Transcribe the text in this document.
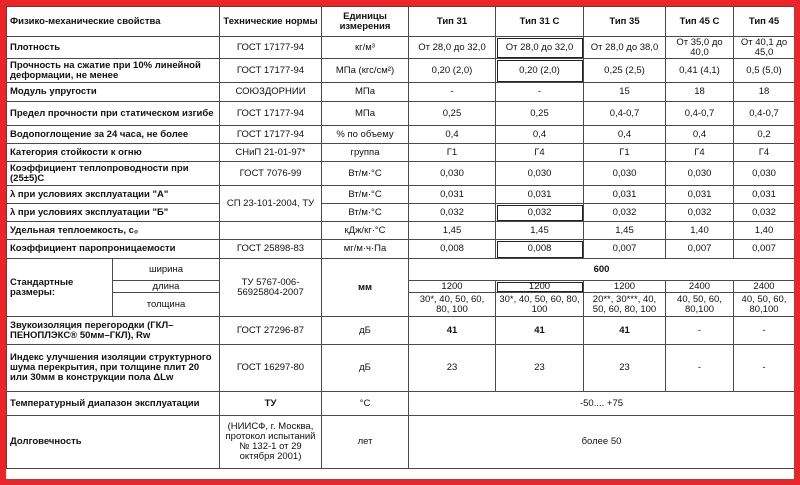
Физико-механические свойства		Технические нормы	Единицы измерения	Тип 31	Тип 31 С	Тип 35	Тип 45 С	Тип 45
Плотность		ГОСТ 17177-94	кг/м³	От 28,0 до 32,0	От 28,0 до 32,0	От 28,0 до 38,0	От 35,0 до 40,0	От 40,1 до 45,0
Прочность на сжатие при 10% линейной деформации, не менее		ГОСТ 17177-94	МПа (кгс/см²)	0,20 (2,0)	0,20 (2,0)	0,25 (2,5)	0,41 (4,1)	0,5 (5,0)
Модуль упругости		СОЮЗДОРНИИ	МПа	-	-	15	18	18
Предел прочности при статическом изгибе		ГОСТ 17177-94	МПа	0,25	0,25	0,4-0,7	0,4-0,7	0,4-0,7
Водопоглощение за 24 часа, не более		ГОСТ 17177-94	% по объему	0,4	0,4	0,4	0,4	0,2
Категория стойкости к огню		СНиП 21-01-97*	группа	Г1	Г4	Г1	Г4	Г4
Коэффициент теплопроводности при (25±5)С		ГОСТ 7076-99	Вт/м·°С	0,030	0,030	0,030	0,030	0,030
λ при условиях эксплуатации "А"		СП 23-101-2004, ТУ	Вт/м·°С	0,031	0,031	0,031	0,031	0,031
λ при условиях эксплуатации "Б"			Вт/м·°С	0,032	0,032	0,032	0,032	0,032
Удельная теплоемкость, с₀			кДж/кг·°С	1,45	1,45	1,45	1,40	1,40
Коэффициент паропроницаемости		ГОСТ 25898-83	мг/м·ч·Па	0,008	0,008	0,007	0,007	0,007
Стандартные размеры:	ширина	ТУ 5767-006-56925804-2007	мм	600				
	длина			1200	1200	1200	2400	2400
	толщина			30*, 40, 50, 60, 80, 100	30*, 40, 50, 60, 80, 100	20**, 30***, 40, 50, 60, 80, 100	40, 50, 60, 80,100	40, 50, 60, 80,100
Звукоизоляция перегородки (ГКЛ–ПЕНОПЛЭКС® 50мм–ГКЛ), Rw		ГОСТ 27296-87	дБ	41	41	41	-	-
Индекс улучшения изоляции структурного шума перекрытия, при толщине плит 20 или 30мм в конструкции пола ΔLw		ГОСТ 16297-80	дБ	23	23	23	-	-
Температурный диапазон эксплуатации		ТУ	°С	-50.... +75				
Долговечность		(НИИСФ, г. Москва, протокол испытаний № 132-1 от 29 октября 2001)	лет	более 50				
